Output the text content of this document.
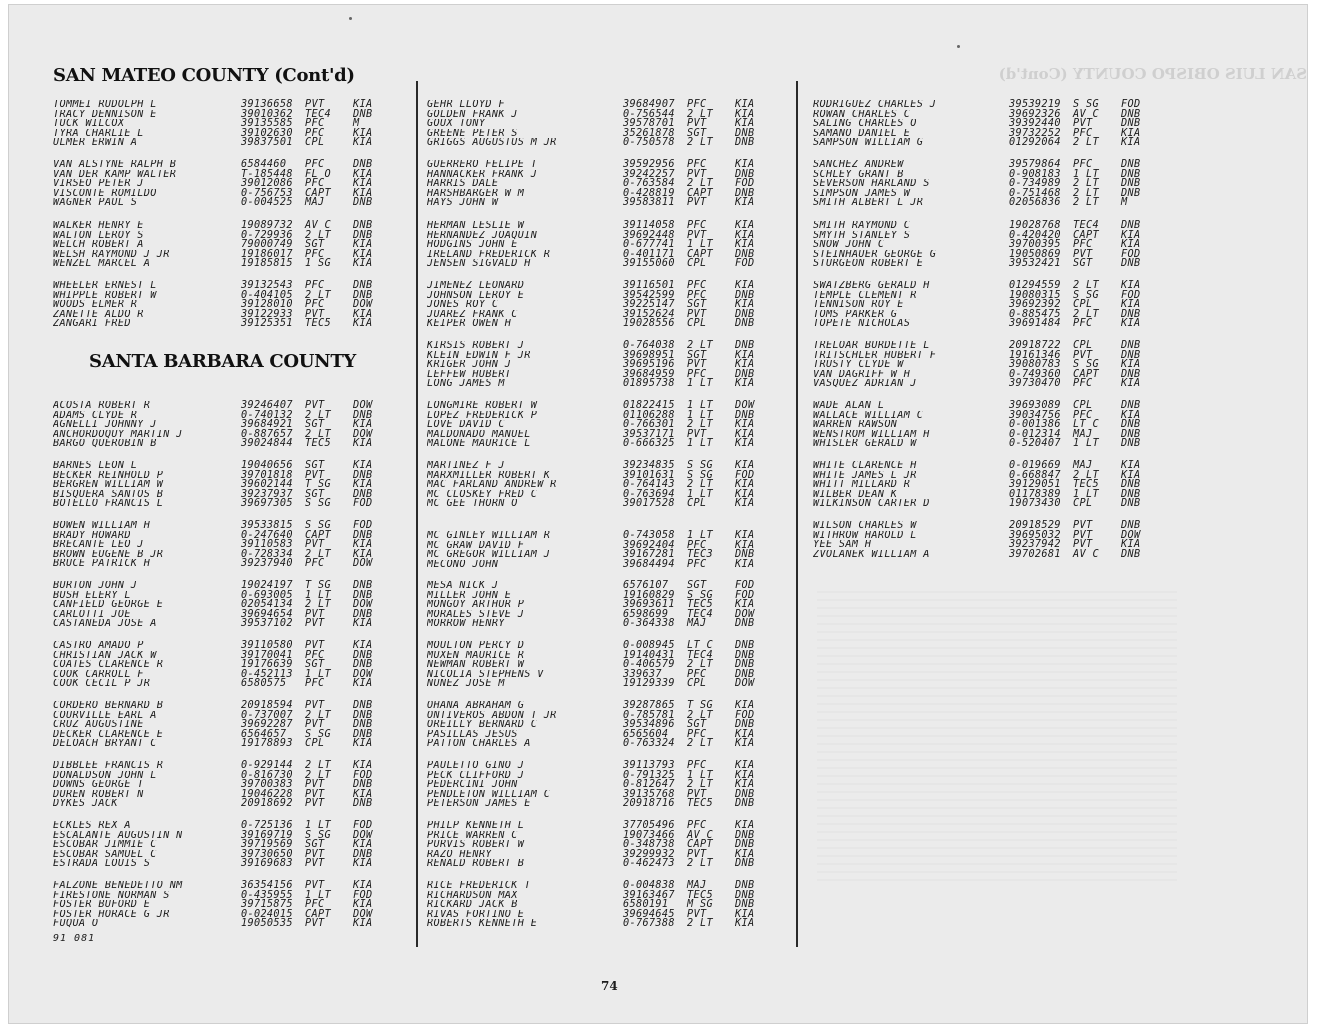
SAN LUIS OBISPO COUNTY (Cont'd)
SAN MATEO COUNTY (Cont'd)
SANTA BARBARA COUNTY
91 081
TOMMEI RUDOLPH L	39136658	PVT	KIA
TRACY DENNISON E	39010362	TEC4	DNB
TUCK WILCOX	39135585	PFC	M
TYRA CHARLIE L	39102630	PFC	KIA
ULMER ERWIN A	39837501	CPL	KIA
VAN ALSTYNE RALPH B	6584460	PFC	DNB
VAN DER KAMP WALTER	T-185448	FL O	KIA
VIRSEO PETER J	39012086	PFC	KIA
VISCONTE ROMILDO	0-756753	CAPT	KIA
WAGNER PAUL S	0-004525	MAJ	DNB
WALKER HENRY E	19089732	AV C	DNB
WALTON LEROY S	0-729936	2 LT	DNB
WELCH ROBERT A	79000749	SGT	KIA
WELSH RAYMOND J JR	19186017	PFC	KIA
WENZEL MARCEL A	19185815	1 SG	KIA
WHEELER ERNEST L	39132543	PFC	DNB
WHIPPLE ROBERT W	0-404105	2 LT	DNB
WOODS ELMER R	39128010	PFC	DOW
ZANETTE ALDO R	39122933	PVT	KIA
ZANGARI FRED	39125351	TEC5	KIA
ACOSTA ROBERT R	39246407	PVT	DOW
ADAMS CLYDE R	0-740132	2 LT	DNB
AGNELLI JOHNNY J	39684921	SGT	KIA
ANCHORDOQUY MARTIN J	0-887657	2 LT	DOW
BARGO QUEROBIN B	39024844	TEC5	KIA
BARNES LEON L	19040656	SGT	KIA
BECKER REINHOLD P	39701818	PVT	DNB
BERGREN WILLIAM W	39602144	T SG	KIA
BISQUERA SANTOS B	39237937	SGT	DNB
BOTELLO FRANCIS L	39697305	S SG	FOD
BOWEN WILLIAM H	39533815	S SG	FOD
BRADY HOWARD	0-247640	CAPT	DNB
BRECANTE LEO J	39110583	PVT	KIA
BROWN EUGENE B JR	0-728334	2 LT	KIA
BRUCE PATRICK H	39237940	PFC	DOW
BURTON JOHN J	19024197	T SG	DNB
BUSH ELERY L	0-693005	1 LT	DNB
CANFIELD GEORGE E	02054134	2 LT	DOW
CARLOTTI JOE	39694654	PVT	DNB
CASTANEDA JOSE A	39537102	PVT	KIA
CASTRO AMADO P	39110580	PVT	KIA
CHRISTIAN JACK W	39170041	PFC	DNB
COATES CLARENCE R	19176639	SGT	DNB
COOK CARROLL F	0-452113	1 LT	DOW
COOK CECIL P JR	6580575	PFC	KIA
CORDERO BERNARD B	20918594	PVT	DNB
COURVILLE EARL A	0-737007	2 LT	DNB
CRUZ AUGUSTINE	39692287	PVT	DNB
DECKER CLARENCE E	6564657	S SG	DNB
DELOACH BRYANT C	19178893	CPL	KIA
DIBBLEE FRANCIS R	0-929144	2 LT	KIA
DONALDSON JOHN L	0-816730	2 LT	FOD
DOWNS GEORGE T	39700383	PVT	DNB
DUREN ROBERT N	19046228	PVT	KIA
DYKES JACK	20918692	PVT	DNB
ECKLES REX A	0-725136	1 LT	FOD
ESCALANTE AUGUSTIN N	39169719	S SG	DOW
ESCOBAR JIMMIE C	39719569	SGT	KIA
ESCOBAR SAMUEL C	39730650	PVT	DNB
ESTRADA LOUIS S	39169683	PVT	KIA
FALZONE BENEDETTO NM	36354156	PVT	KIA
FIRESTONE NORMAN S	0-435955	1 LT	FOD
FOSTER BUFORD E	39715875	PFC	KIA
FOSTER HORACE G JR	0-024015	CAPT	DOW
FUQUA O	19050535	PVT	KIA
GEHR LLOYD F	39684907	PFC	KIA
GOLDEN FRANK J	0-756544	2 LT	KIA
GOUX TONY	39578701	PVT	KIA
GREENE PETER S	35261878	SGT	DNB
GRIGGS AUGUSTUS M JR	0-750578	2 LT	DNB
GUERRERO FELIPE T	39592956	PFC	KIA
HANNACKER FRANK J	39242257	PVT	DNB
HARRIS DALE	0-763584	2 LT	FOD
HARSHBARGER W M	0-428819	CAPT	DNB
HAYS JOHN W	39583811	PVT	KIA
HERMAN LESLIE W	39114058	PFC	KIA
HERNANDEZ JOAQUIN	39692448	PVT	KIA
HODGINS JOHN E	0-677741	1 LT	KIA
IRELAND FREDERICK R	0-401171	CAPT	DNB
JENSEN SIGVALD H	39155060	CPL	FOD
JIMENEZ LEONARD	39116501	PFC	KIA
JOHNSON LEROY E	39542599	PFC	DNB
JONES ROY C	39225147	SGT	KIA
JUAREZ FRANK C	39152624	PVT	DNB
KEIPER OWEN H	19028556	CPL	DNB
KIRSIS ROBERT J	0-764038	2 LT	DNB
KLEIN EDWIN F JR	39698951	SGT	KIA
KRIGER JOHN J	39695196	PVT	KIA
LEFFEW HUBERT	39684959	PFC	DNB
LONG JAMES M	01895738	1 LT	KIA
LONGMIRE ROBERT W	01822415	1 LT	DOW
LOPEZ FREDERICK P	01106288	1 LT	DNB
LOVE DAVID C	0-766301	2 LT	KIA
MALDONADO MANUEL	39537171	PVT	KIA
MALONE MAURICE L	0-666325	1 LT	KIA
MARTINEZ F J	39234835	S SG	KIA
MARXMILLER ROBERT K	39101631	S SG	FOD
MAC FARLAND ANDREW R	0-764143	2 LT	KIA
MC CLOSKEY FRED C	0-763694	1 LT	KIA
MC GEE THORN O	39017528	CPL	KIA
MC GINLEY WILLIAM R	0-743058	1 LT	KIA
MC GRAW DAVID F	39692404	PFC	KIA
MC GREGOR WILLIAM J	39167281	TEC3	DNB
MECONO JOHN	39684494	PFC	KIA
MESA NICK J	6576107	SGT	FOD
MILLER JOHN E	19160829	S SG	FOD
MONGOY ARTHUR P	39693611	TEC5	KIA
MORALES STEVE J	6598699	TEC4	DOW
MORROW HENRY	0-364338	MAJ	DNB
MOULTON PERCY D	0-008945	LT C	DNB
MUXEN MAURICE R	19140431	TEC4	DNB
NEWMAN ROBERT W	0-406579	2 LT	DNB
NICOLIA STEPHENS V	339637	PFC	DNB
NUNEZ JOSE M	19129339	CPL	DOW
OHANA ABRAHAM G	39287865	T SG	KIA
ONTIVEROS ABDON T JR	0-785781	2 LT	FOD
OREILLY BERNARD C	39534896	SGT	DNB
PASILLAS JESUS	6565604	PFC	KIA
PATTON CHARLES A	0-763324	2 LT	KIA
PAULETTO GINO J	39113793	PFC	KIA
PECK CLIFFORD J	0-791325	1 LT	KIA
PEDERCINI JOHN	0-812647	2 LT	KIA
PENDLETON WILLIAM C	39135768	PVT	DNB
PETERSON JAMES E	20918716	TEC5	DNB
PHILP KENNETH L	37705496	PFC	KIA
PRICE WARREN C	19073466	AV C	DNB
PURVIS ROBERT W	0-348738	CAPT	DNB
RAZO HENRY	39299932	PVT	KIA
RENALD ROBERT B	0-462473	2 LT	DNB
RICE FREDERICK T	0-004838	MAJ	DNB
RICHARDSON MAX	39163467	TEC5	DNB
RICKARD JACK B	6580191	M SG	DNB
RIVAS FORTINO E	39694645	PVT	KIA
ROBERTS KENNETH E	0-767388	2 LT	KIA
RODRIGUEZ CHARLES J	39539219	S SG	FOD
ROWAN CHARLES C	39692326	AV C	DNB
SALING CHARLES O	39392440	PVT	DNB
SAMANO DANIEL E	39732252	PFC	KIA
SAMPSON WILLIAM G	01292064	2 LT	KIA
SANCHEZ ANDREW	39579864	PFC	DNB
SCHLEY GRANT B	0-908183	1 LT	DNB
SEVERSON HARLAND S	0-734989	2 LT	DNB
SIMPSON JAMES W	0-751468	2 LT	DNB
SMITH ALBERT L JR	02056836	2 LT	M
SMITH RAYMOND C	19028768	TEC4	DNB
SMYTH STANLEY S	0-420420	CAPT	KIA
SNOW JOHN C	39700395	PFC	KIA
STEINHAUER GEORGE G	19050869	PVT	FOD
STURGEON ROBERT E	39532421	SGT	DNB
SWATZBERG GERALD H	01294559	2 LT	KIA
TEMPLE CLEMENT R	19080315	S SG	FOD
TENNISON ROY E	39692392	CPL	KIA
TOMS PARKER G	0-885475	2 LT	DNB
TOPETE NICHOLAS	39691484	PFC	KIA
TRELOAR BURDETTE L	20918722	CPL	DNB
TRITSCHLER HUBERT F	19161346	PVT	DNB
TRUSTY CLYDE W	39080783	S SG	KIA
VAN DAGRIFF W H	0-749360	CAPT	DNB
VASQUEZ ADRIAN J	39730470	PFC	KIA
WADE ALAN L	39693089	CPL	DNB
WALLACE WILLIAM C	39034756	PFC	KIA
WARREN RAWSON	0-001386	LT C	DNB
WENSTROM WILLIAM H	0-012314	MAJ	DNB
WHISLER GERALD W	0-520407	1 LT	DNB
WHITE CLARENCE H	0-019669	MAJ	KIA
WHITE JAMES L JR	0-668847	2 LT	KIA
WHITT MILLARD R	39129051	TEC5	DNB
WILBER DEAN K	01178389	1 LT	DNB
WILKINSON CARTER D	19073430	CPL	DNB
WILSON CHARLES W	20918529	PVT	DNB
WITHROW HAROLD L	39695032	PVT	DOW
YEE SAM H	39237942	PVT	KIA
ZVOLANEK WILLIAM A	39702681	AV C	DNB
74
